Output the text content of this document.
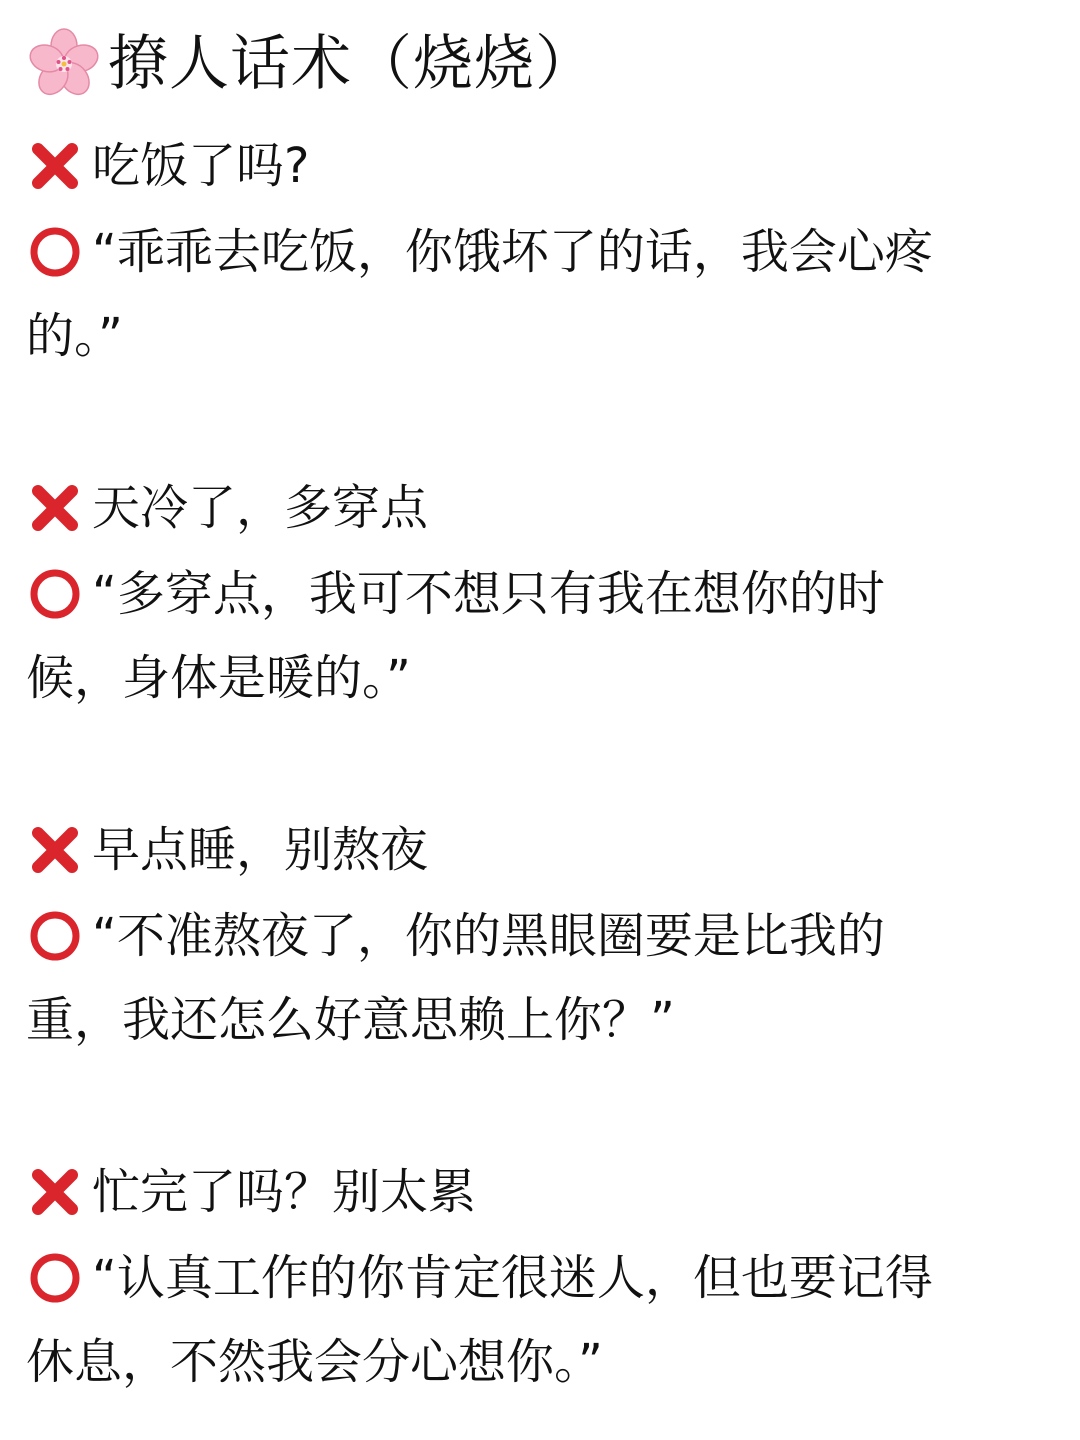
撩人话术（烧烧）
吃饭了吗?
“乖乖去吃饭，你饿坏了的话，我会心疼
的。”
天冷了，多穿点
“多穿点，我可不想只有我在想你的时
候，身体是暖的。”
早点睡，别熬夜
“不准熬夜了，你的黑眼圈要是比我的
重，我还怎么好意思赖上你？”
忙完了吗？别太累
“认真工作的你肯定很迷人，但也要记得
休息，不然我会分心想你。”
